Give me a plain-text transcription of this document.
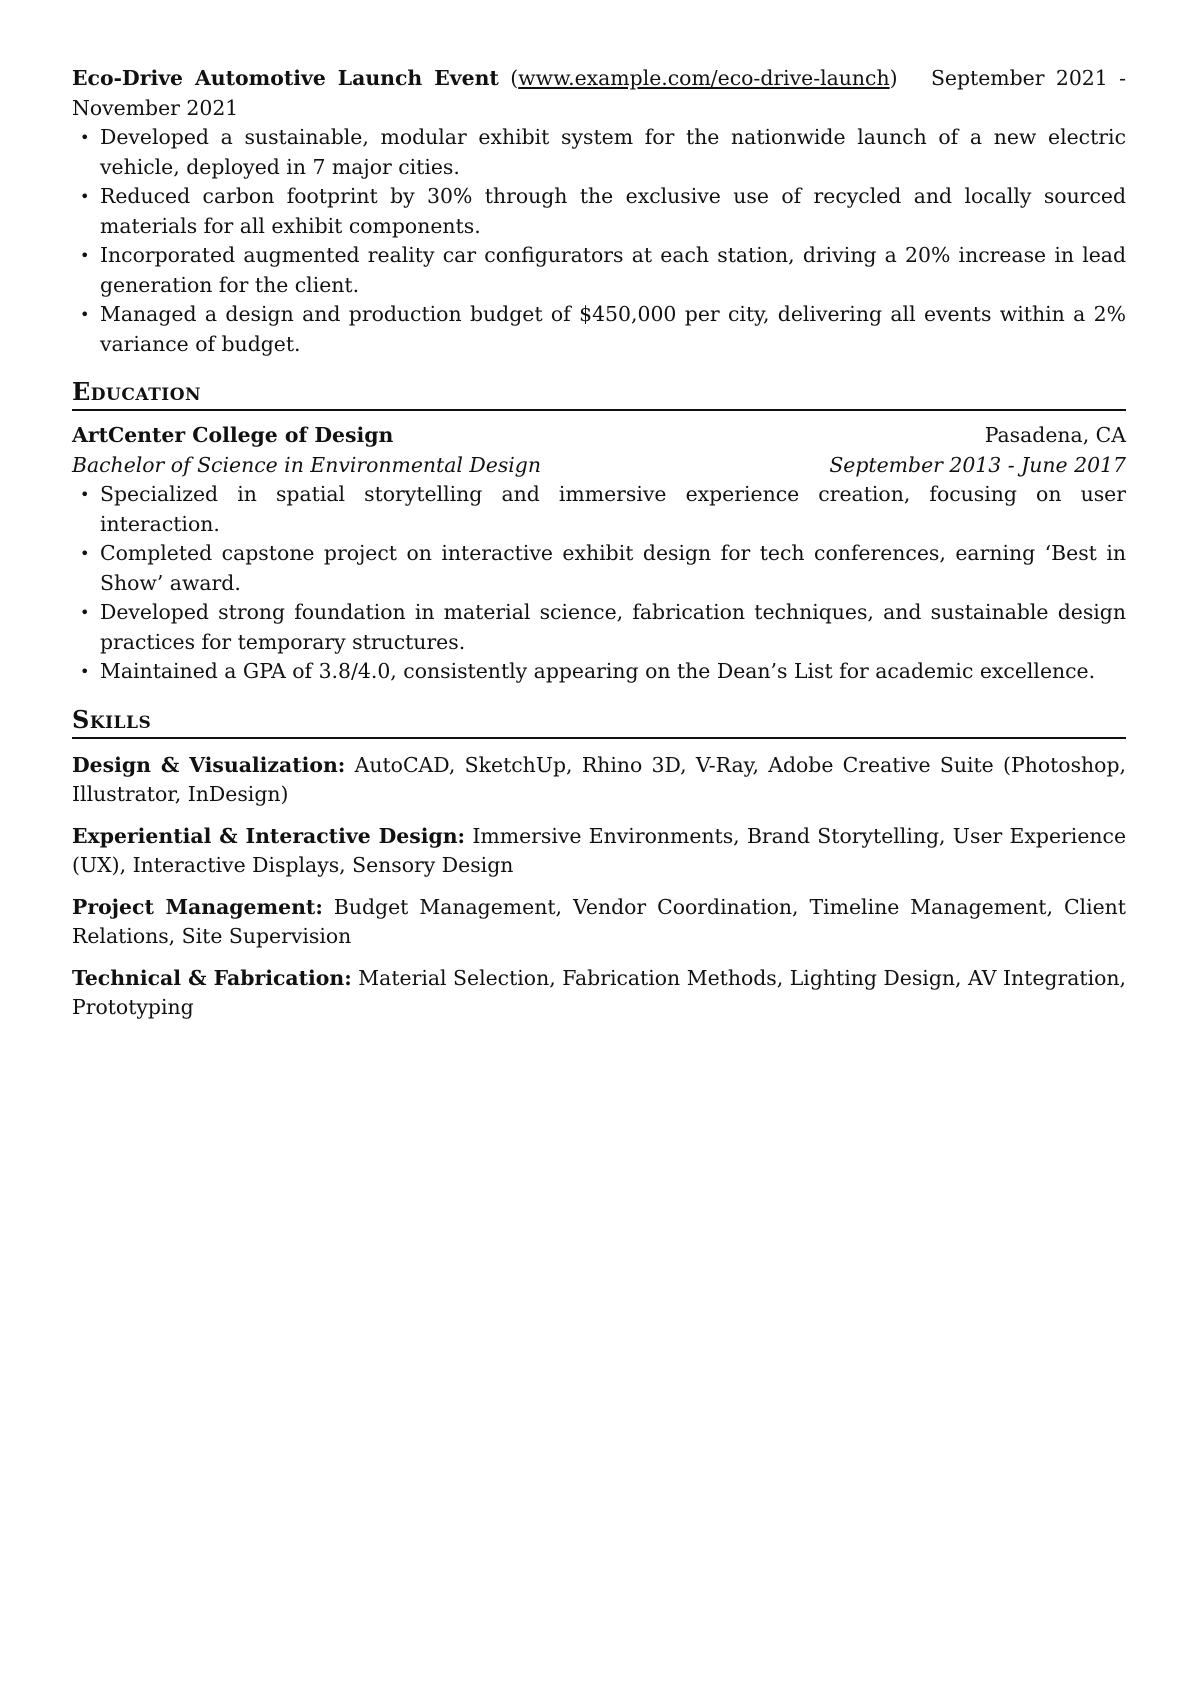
Eco-Drive Automotive Launch Event (www.example.com/eco-drive-launch) September 2021 - November 2021
• Developed a sustainable, modular exhibit system for the nationwide launch of a new electric vehicle, deployed in 7 major cities.
• Reduced carbon footprint by 30% through the exclusive use of recycled and locally sourced materials for all exhibit components.
• Incorporated augmented reality car configurators at each station, driving a 20% increase in lead generation for the client.
• Managed a design and production budget of $450,000 per city, delivering all events within a 2% variance of budget.
Education
ArtCenter College of Design	Pasadena, CA
Bachelor of Science in Environmental Design	September 2013 - June 2017
• Specialized in spatial storytelling and immersive experience creation, focusing on user interaction.
• Completed capstone project on interactive exhibit design for tech conferences, earning ‘Best in Show’ award.
• Developed strong foundation in material science, fabrication techniques, and sustainable design practices for temporary structures.
• Maintained a GPA of 3.8/4.0, consistently appearing on the Dean’s List for academic excellence.
Skills

Design & Visualization: AutoCAD, SketchUp, Rhino 3D, V-Ray, Adobe Creative Suite (Photoshop, Illustrator, InDesign)

Experiential & Interactive Design: Immersive Environments, Brand Storytelling, User Experience (UX), Interactive Displays, Sensory Design

Project Management: Budget Management, Vendor Coordination, Timeline Management, Client Relations, Site Supervision

Technical & Fabrication: Material Selection, Fabrication Methods, Lighting Design, AV Integration, Prototyping
